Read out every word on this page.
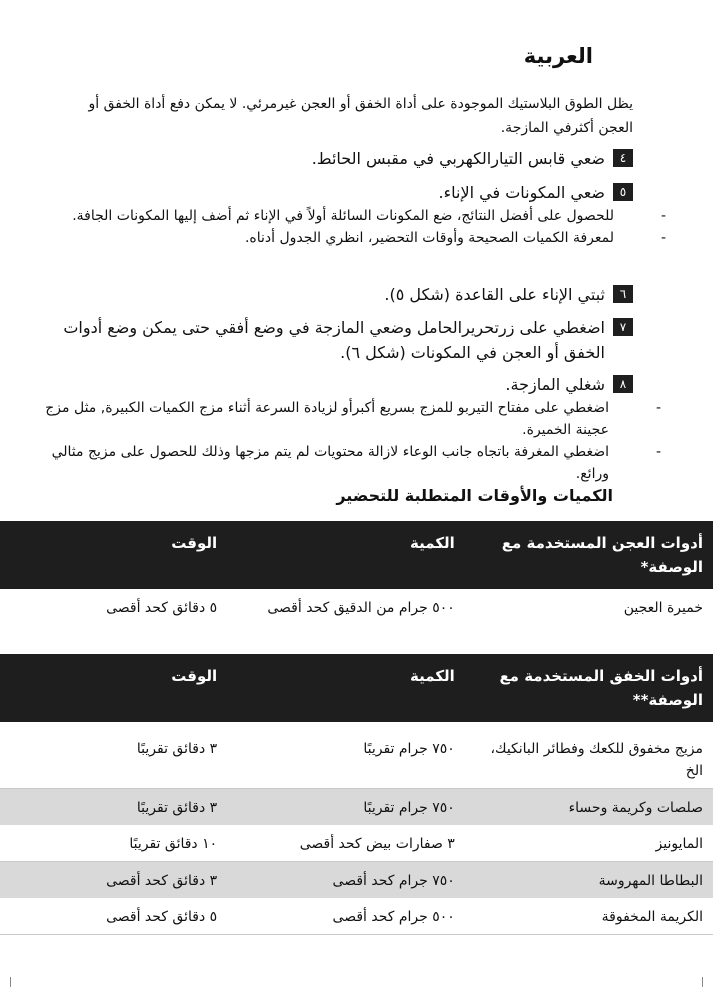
العربية
يظل الطوق البلاستيك الموجودة على أداة الخفق أو العجن غيرمرئي. لا يمكن دفع أداة الخفق أو العجن أكثرفي المازجة.
٤
ضعي قابس التيارالكهربي في مقبس الحائط.
٥
ضعي المكونات في الإناء.
-
للحصول على أفضل النتائج، ضع المكونات السائلة أولاً في الإناء ثم أضف إليها المكونات الجافة.
-
لمعرفة الكميات الصحيحة وأوقات التحضير، انظري الجدول أدناه.
٦
ثبتي الإناء على القاعدة (شكل ٥).
٧
اضغطي على زرتحريرالحامل وضعي المازجة في وضع أفقي حتى يمكن وضع أدوات الخفق أو العجن في المكونات (شكل ٦).
٨
شغلي المازجة.
-
اضغطي على مفتاح التيربو للمزج بسريع أكبرأو لزيادة السرعة أثناء مزج الكميات الكبيرة, مثل مزج عجينة الخميرة.
-
اضغطي المغرفة باتجاه جانب الوعاء لازالة محتويات لم يتم مزجها وذلك للحصول على مزيج مثالي ورائع.
الكميات والأوقات المتطلبة للتحضير
أدوات العجن المستخدمة مع الوصفة*	الكمية	الوقت
خميرة العجين	٥٠٠ جرام من الدقيق كحد أقصى	٥ دقائق كحد أقصى
أدوات الخفق المستخدمة مع الوصفة**	الكمية	الوقت
مزيج مخفوق للكعك وفطائر البانكيك، الخ	٧٥٠ جرام تقريبًا	٣ دقائق تقريبًا
صلصات وكريمة وحساء	٧٥٠ جرام تقريبًا	٣ دقائق تقريبًا
المايونيز	٣ صفارات بيض كحد أقصى	١٠ دقائق تقريبًا
البطاطا المهروسة	٧٥٠ جرام كحد أقصى	٣ دقائق كحد أقصى
الكريمة المخفوقة	٥٠٠ جرام كحد أقصى	٥ دقائق كحد أقصى
